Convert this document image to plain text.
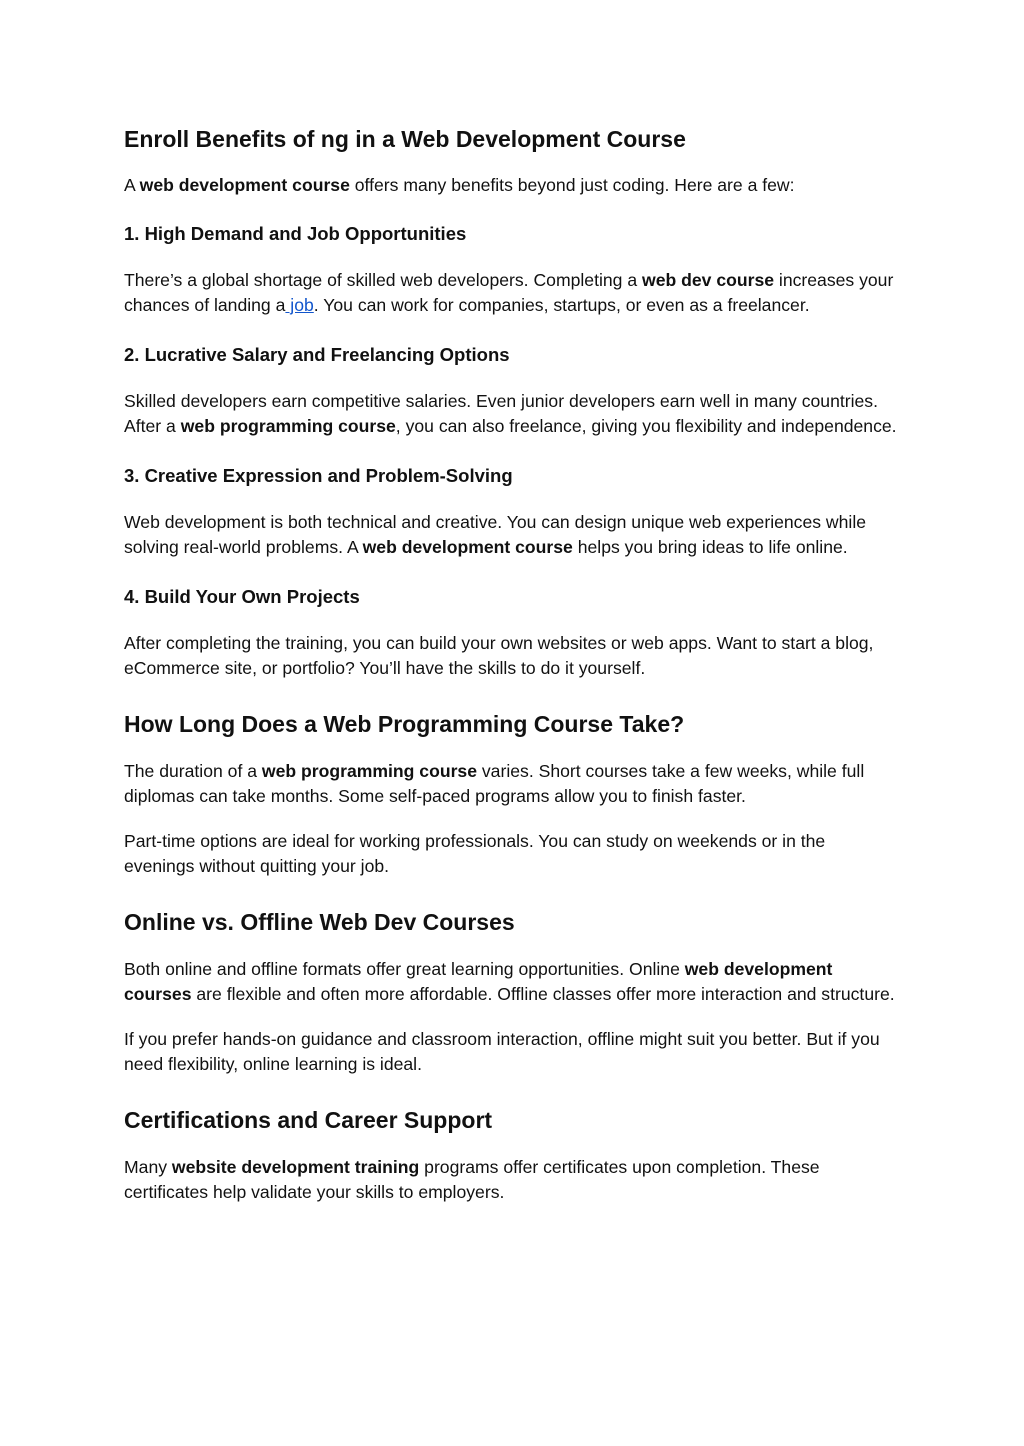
Enroll Benefits of ng in a Web Development Course

A web development course offers many benefits beyond just coding. Here are a few:

1. High Demand and Job Opportunities

There’s a global shortage of skilled web developers. Completing a web dev course increases your chances of landing a job. You can work for companies, startups, or even as a freelancer.

2. Lucrative Salary and Freelancing Options

Skilled developers earn competitive salaries. Even junior developers earn well in many countries. After a web programming course, you can also freelance, giving you flexibility and independence.

3. Creative Expression and Problem-Solving

Web development is both technical and creative. You can design unique web experiences while solving real-world problems. A web development course helps you bring ideas to life online.

4. Build Your Own Projects

After completing the training, you can build your own websites or web apps. Want to start a blog, eCommerce site, or portfolio? You’ll have the skills to do it yourself.

How Long Does a Web Programming Course Take?

The duration of a web programming course varies. Short courses take a few weeks, while full diplomas can take months. Some self-paced programs allow you to finish faster.

Part-time options are ideal for working professionals. You can study on weekends or in the evenings without quitting your job.

Online vs. Offline Web Dev Courses

Both online and offline formats offer great learning opportunities. Online web development courses are flexible and often more affordable. Offline classes offer more interaction and structure.

If you prefer hands-on guidance and classroom interaction, offline might suit you better. But if you need flexibility, online learning is ideal.

Certifications and Career Support

Many website development training programs offer certificates upon completion. These certificates help validate your skills to employers.
